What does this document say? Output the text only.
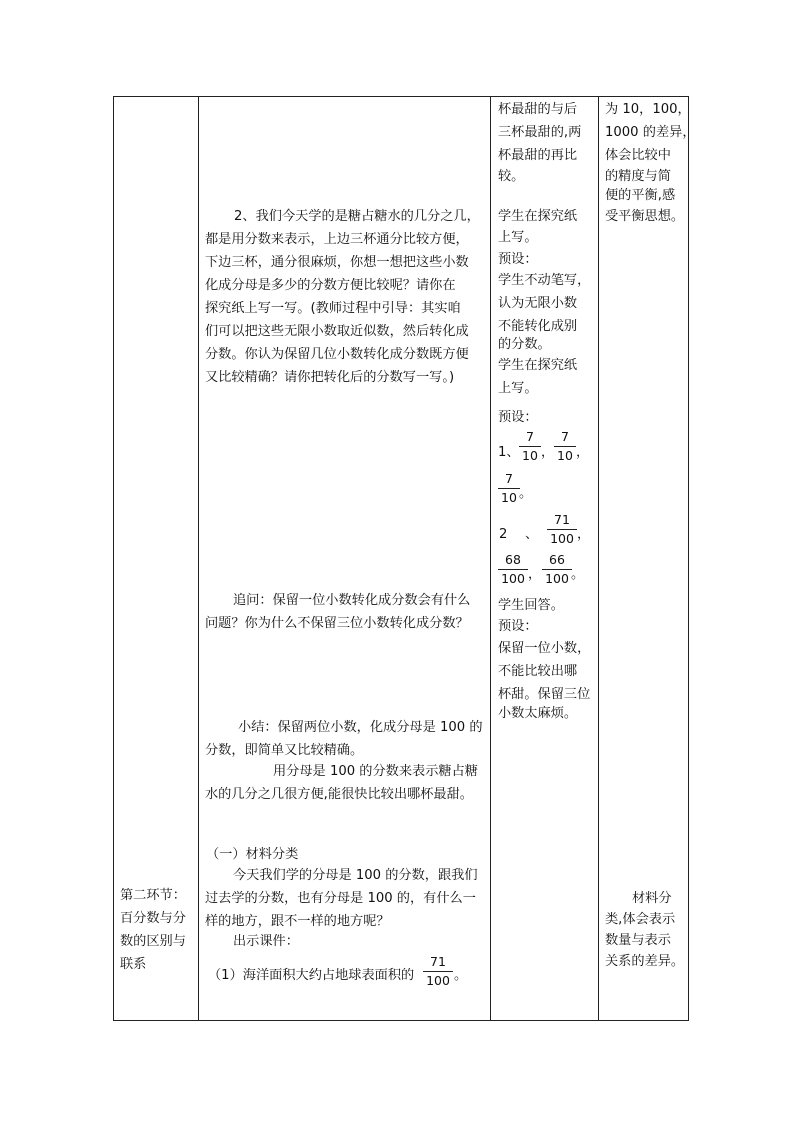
第二环节：
百分数与分
数的区别与
联系
2、我们今天学的是糖占糖水的几分之几，
都是用分数来表示，上边三杯通分比较方便，
下边三杯，通分很麻烦，你想一想把这些小数
化成分母是多少的分数方便比较呢？请你在
探究纸上写一写。(教师过程中引导：其实咱
们可以把这些无限小数取近似数，然后转化成
分数。你认为保留几位小数转化成分数既方便
又比较精确？请你把转化后的分数写一写。)
追问：保留一位小数转化成分数会有什么
问题？你为什么不保留三位小数转化成分数？
小结：保留两位小数，化成分母是 100 的
分数，即简单又比较精确。
用分母是 100 的分数来表示糖占糖
水的几分之几很方便,能很快比较出哪杯最甜。
（一）材料分类
今天我们学的分母是 100 的分数，跟我们
过去学的分数，也有分母是 100 的，有什么一
样的地方，跟不一样的地方呢？
出示课件：
（1）海洋面积大约占地球表面积的 $\frac{71}{100}$ 。
杯最甜的与后
三杯最甜的,两
杯最甜的再比
较。
学生在探究纸
上写。
预设：
学生不动笔写，
认为无限小数
不能转化成别
的分数。
学生在探究纸
上写。
预设：
1、 $\frac{7}{10}$ ， $\frac{7}{10}$ ，
$\frac{7}{10}$ 。
2 、 $\frac{71}{100}$ ，
$\frac{68}{100}$ ， $\frac{66}{100}$ 。
学生回答。
预设：
保留一位小数，
不能比较出哪
杯甜。保留三位
小数太麻烦。
为 10，100，
1000 的差异，
体会比较中
的精度与简
便的平衡,感
受平衡思想。
材料分
类,体会表示
数量与表示
关系的差异。
